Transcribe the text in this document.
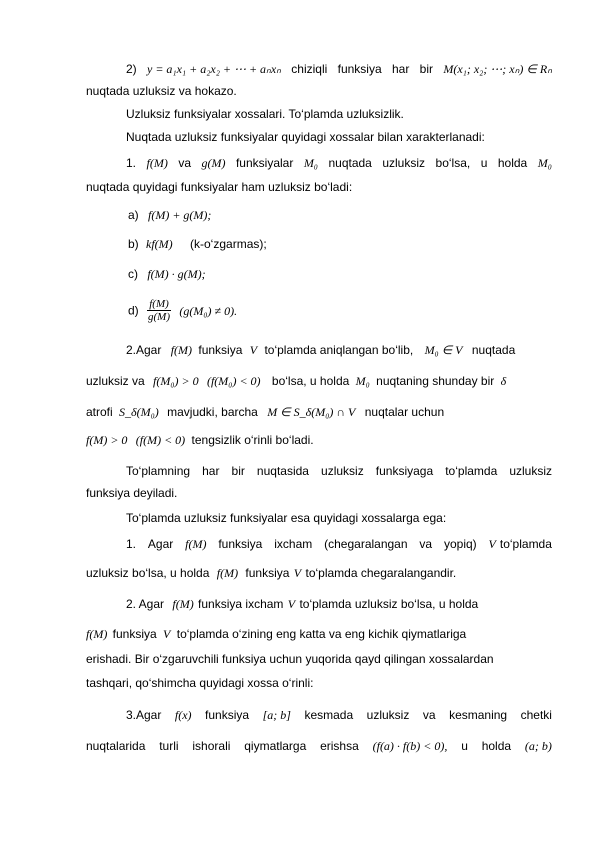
2) y = a₁x₁ + a₂x₂ + ⋯ + aₙxₙ chiziqli funksiya har bir M(x₁; x₂; ⋯; xₙ) ∈ Rₙ
nuqtada uzluksiz va hokazo.
Uzluksiz funksiyalar xossalari. To‘plamda uzluksizlik.
Nuqtada uzluksiz funksiyalar quyidagi xossalar bilan xarakterlanadi:
1. f(M) va g(M) funksiyalar M₀ nuqtada uzluksiz bo‘lsa, u holda M₀
nuqtada quyidagi funksiyalar ham uzluksiz bo‘ladi:
a) f(M) + g(M);
b) kf(M) (k-o‘zgarmas);
c) f(M) · g(M);
$d) \frac{f(M)}{g(M)} (g(M_0) \ne 0)$.
2.Agar f(M) funksiya V to‘plamda aniqlangan bo‘lib, M₀ ∈ V nuqtada
uzluksiz va f(M₀) > 0 (f(M₀) < 0) bo‘lsa, u holda M₀ nuqtaning shunday bir δ
atrofi S_δ(M₀) mavjudki, barcha M ∈ S_δ(M₀) ∩ V nuqtalar uchun
f(M) > 0 (f(M) < 0) tengsizlik o‘rinli bo‘ladi.
To‘plamning har bir nuqtasida uzluksiz funksiyaga to‘plamda uzluksiz
funksiya deyiladi.
To‘plamda uzluksiz funksiyalar esa quyidagi xossalarga ega:
1. Agar f(M) funksiya ixcham (chegaralangan va yopiq) V to‘plamda
uzluksiz bo‘lsa, u holda f(M) funksiya V to‘plamda chegaralangandir.
2. Agar f(M) funksiya ixcham V to‘plamda uzluksiz bo‘lsa, u holda
f(M) funksiya V to‘plamda o‘zining eng katta va eng kichik qiymatlariga
erishadi. Bir o‘zgaruvchili funksiya uchun yuqorida qayd qilingan xossalardan
tashqari, qo‘shimcha quyidagi xossa o‘rinli:
3.Agar f(x) funksiya [a; b] kesmada uzluksiz va kesmaning chetki
nuqtalarida turli ishorali qiymatlarga erishsa (f(a) · f(b) < 0), u holda (a; b)
